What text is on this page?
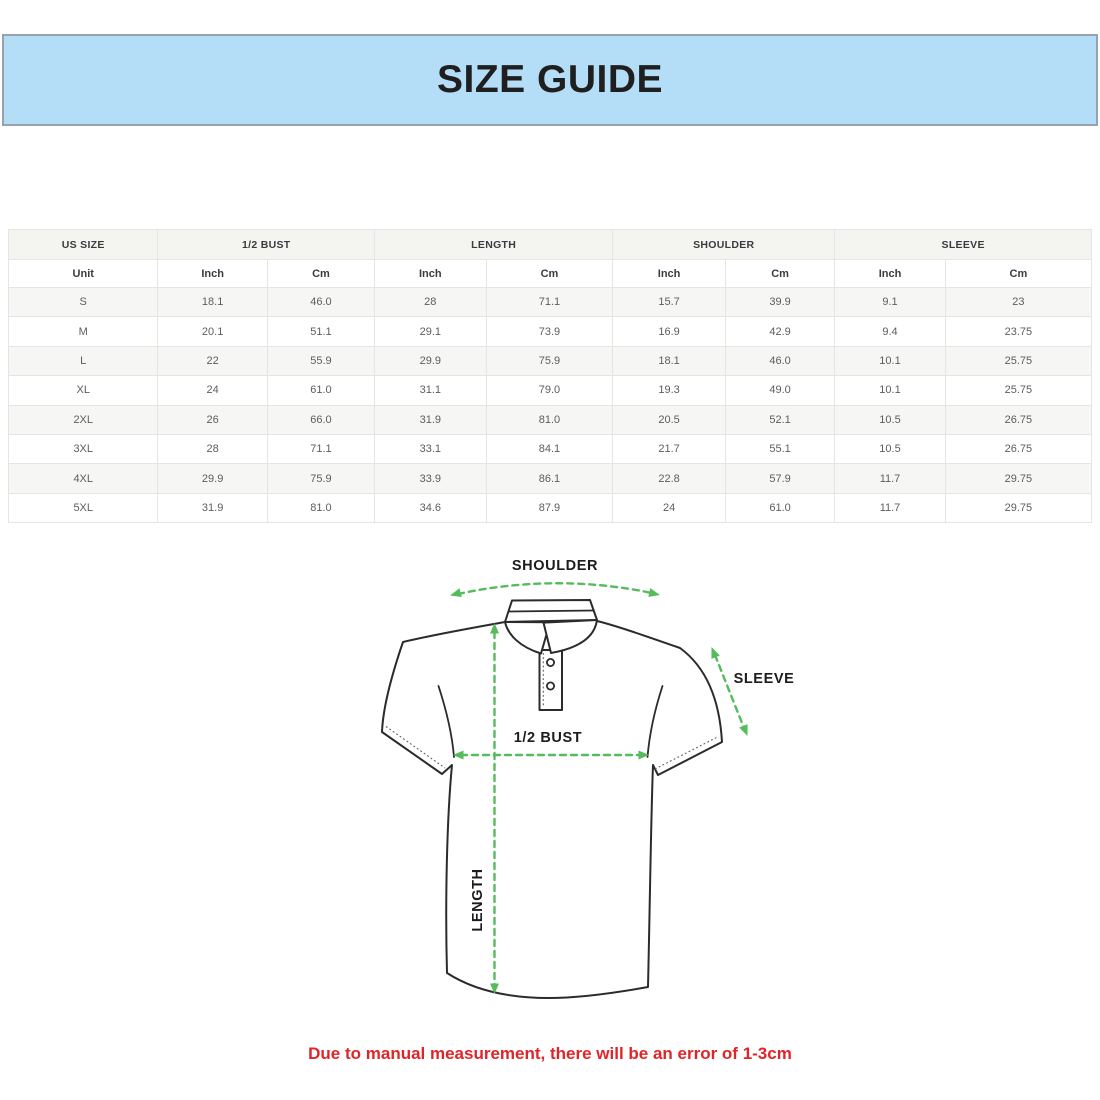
SIZE GUIDE
US SIZE	1/2 BUST		LENGTH		SHOULDER		SLEEVE	
Unit	Inch	Cm	Inch	Cm	Inch	Cm	Inch	Cm
S	18.1	46.0	28	71.1	15.7	39.9	9.1	23
M	20.1	51.1	29.1	73.9	16.9	42.9	9.4	23.75
L	22	55.9	29.9	75.9	18.1	46.0	10.1	25.75
XL	24	61.0	31.1	79.0	19.3	49.0	10.1	25.75
2XL	26	66.0	31.9	81.0	20.5	52.1	10.5	26.75
3XL	28	71.1	33.1	84.1	21.7	55.1	10.5	26.75
4XL	29.9	75.9	33.9	86.1	22.8	57.9	11.7	29.75
5XL	31.9	81.0	34.6	87.9	24	61.0	11.7	29.75
SHOULDER
LENGTH
1/2 BUST
SLEEVE
Due to manual measurement, there will be an error of 1-3cm
